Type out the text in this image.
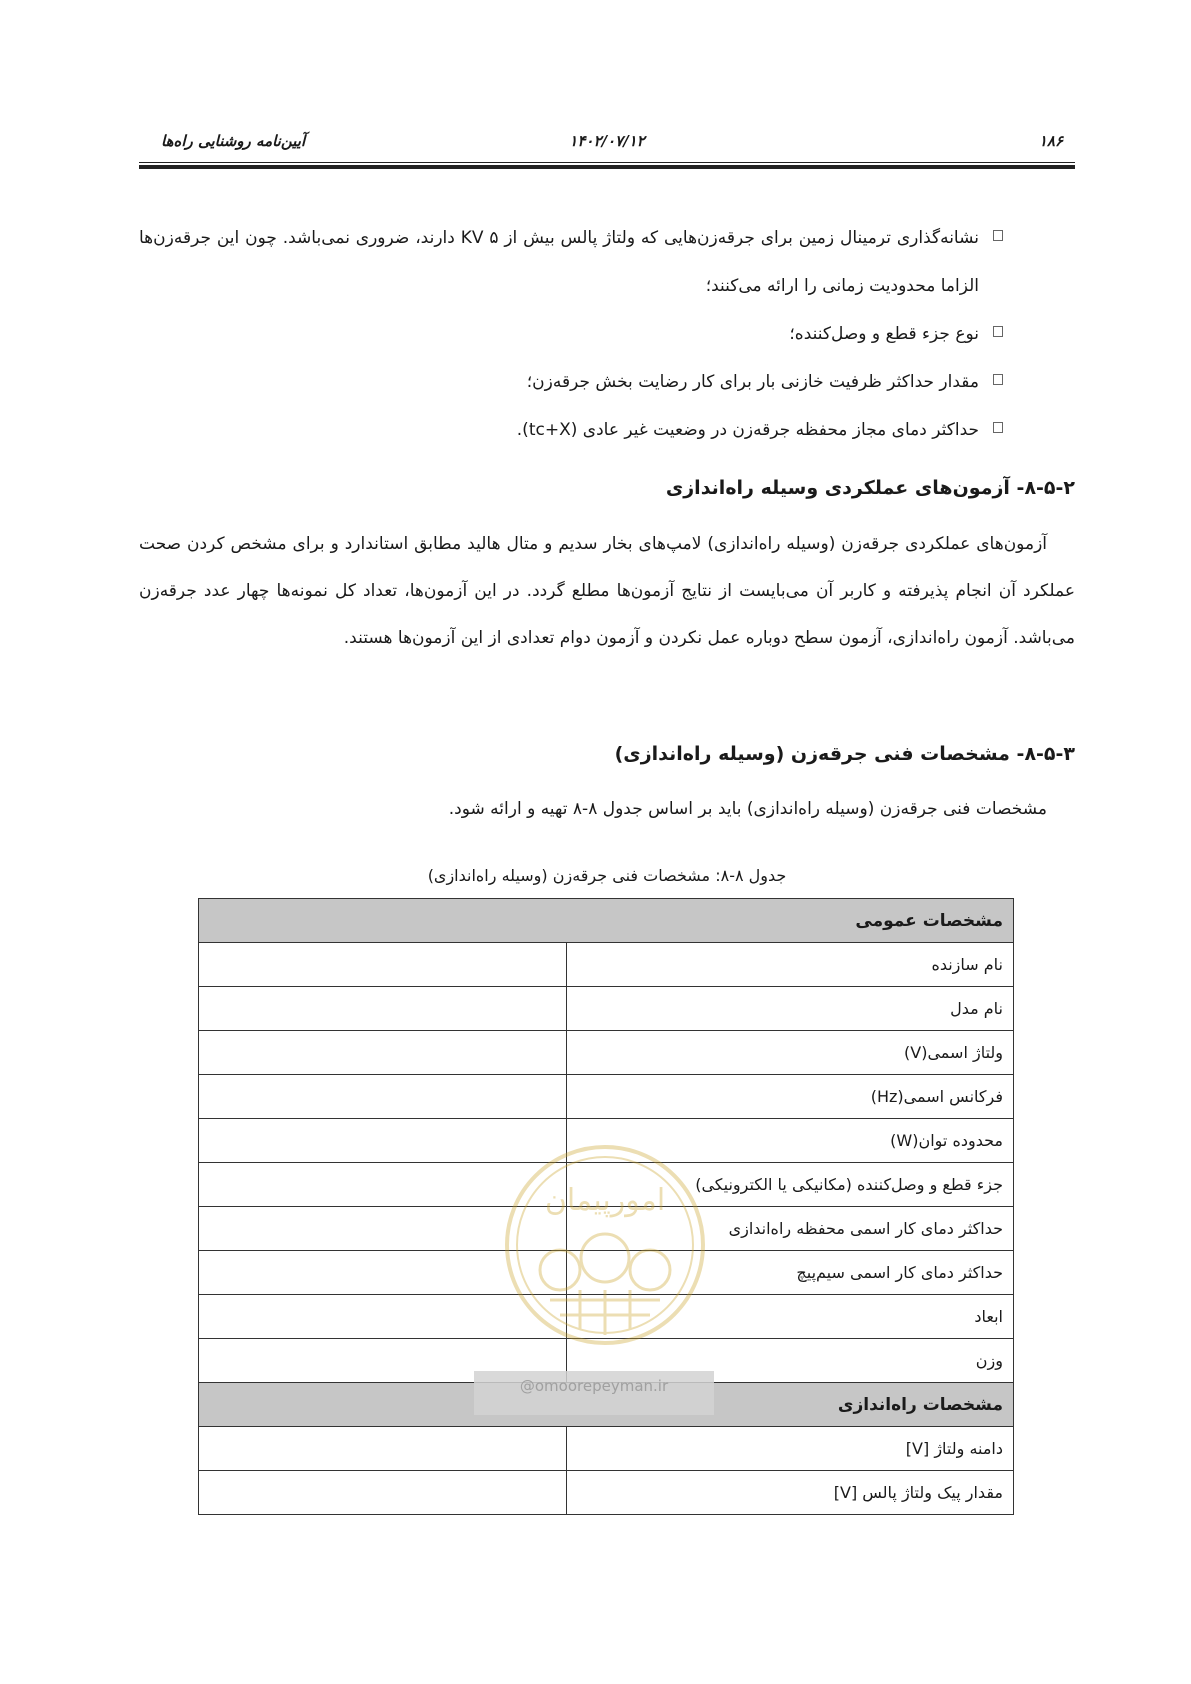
آیین‌نامه روشنایی راه‌ها	۱۴۰۲/۰۷/۱۲	۱۸۶
نشانه‌گذاری ترمینال زمین برای جرقه‌زن‌هایی که ولتاژ پالس بیش از KV ۵ دارند، ضروری نمی‌باشد. چون این جرقه‌زن‌ها الزاما محدودیت زمانی را ارائه می‌کنند؛
نوع جزء قطع و وصل‌کننده؛
مقدار حداکثر ظرفیت خازنی بار برای کار رضایت بخش جرقه‌زن؛
حداکثر دمای مجاز محفظه جرقه‌زن در وضعیت غیر عادی (tc+X).
۸-۵-۲- آزمون‌های عملکردی وسیله راه‌اندازی
آزمون‌های عملکردی جرقه‌زن (وسیله راه‌اندازی) لامپ‌های بخار سدیم و متال هالید مطابق استاندارد و برای مشخص کردن صحت عملکرد آن انجام پذیرفته و کاربر آن می‌بایست از نتایج آزمون‌ها مطلع گردد. در این آزمون‌ها، تعداد کل نمونه‌ها چهار عدد جرقه‌زن می‌باشد. آزمون راه‌اندازی، آزمون سطح دوباره عمل نکردن و آزمون دوام تعدادی از این آزمون‌ها هستند.
۸-۵-۳- مشخصات فنی جرقه‌زن (وسیله راه‌اندازی)
مشخصات فنی جرقه‌زن (وسیله راه‌اندازی) باید بر اساس جدول ۸-۸ تهیه و ارائه شود.
جدول ۸-۸: مشخصات فنی جرقه‌زن (وسیله راه‌اندازی)
مشخصات عمومی	
نام سازنده	
نام مدل	
ولتاژ اسمی(V)	
فرکانس اسمی(Hz)	
محدوده توان(W)	
جزء قطع و وصل‌کننده (مکانیکی یا الکترونیکی)	
حداکثر دمای کار اسمی محفظه راه‌اندازی	
حداکثر دمای کار اسمی سیم‌پیچ	
ابعاد	
وزن	
مشخصات راه‌اندازی	
دامنه ولتاژ [V]	
مقدار پیک ولتاژ پالس [V]	
امورپیمان
@omoorepeyman.ir
